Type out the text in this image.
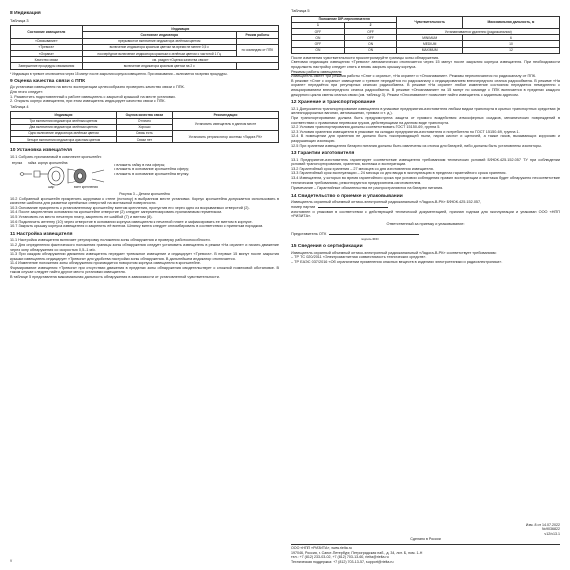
8 Индикация
Таблица 3
Состояние извещателя	Индикация	
	Состояние индикатора	Режим работы
«Связывание»	прерывистое включение индикатора зелёным цветом	
«Тревога»	включение индикатора красным цветом на время не менее 0,5 с	по командам от ППК
«Охрана»	поочерёдное включение индикатора красным и зелёным цветом с частотой 1 Гц	
Качество связи	см. раздел «Оценка качества связи»	
Завершение процедуры связывания	включение индикатора красным цветом на 2 с	

* Индикация в тревоге отключается через 15 минут после закрытия корпуса извещателя. При связывании – включается на время процедуры.

9 Оценка качества связи с ППК

До установки извещателя на место эксплуатации целесообразно проверить качество связи с ППК.

Для этого следует:

1. Разместить подготовленный к работе извещатель с закрытой крышкой на месте установки.

2. Открыть корпус извещателя, при этом извещатель индицирует качество связи с ППК.

Таблица 4
Индикация	Оценка качества связи	Рекомендации
Три включения индикатора зелёным цветом	Отлично	Установить извещатель в данном месте
Два включения индикатора зелёным цветом	Хорошо	
Одно включение индикатора зелёным цветом	Связь есть	Установить ретранслятор системы «Ладога РК»
Четыре включения индикатора красным цветом	Связи нет	
10 Установка извещателя

10.1 Собрать прилагаемый в комплекте кронштейн:

втулка гайка корпус кронштейна
винт крепления
шар

• вложить гайку в паз сферы;

• вложить в основание кронштейна сферу;

• вложить в основание кронштейна втулку.

Рисунок 3 – Детали кронштейна

10.2 Собранный кронштейн прикрепить шурупами к стене (потолку) в выбранном месте установки. Корпус кронштейна допускается использовать в качестве шаблона для разметки крепёжных отверстий на монтажной поверхности.

10.3 Основание прикрепить к установленному кронштейну винтом крепления, пропустив его через одно из вскрываемых отверстий (2).

10.4 После закрепления основания на кронштейне отверстие (2) следует загерметизировать прилагаемым герметиком.

10.5 Установить на место печатную плату, закрепить ее шайбой (7) и винтом (8).

10.6 Подключить антенну (10) через отверстие в основании корпуса извещателя к печатной плате и зафиксировать ее винтом в корпусе.

10.7 Закрыть крышку корпуса извещателя и закрепить её винтом. Шляпку винта следует опломбировать в соответствии с принятым порядком.

11 Настройка извещателя

11.1 Настройка извещателя включает регулировку положения зоны обнаружения и проверку работоспособности.

11.2 Для определения фактического положения границы зоны обнаружения следует установить извещатель в режим «На охране» и начать движение через зону обнаружения со скоростью 0,5–1 м/с.

11.3 При каждом обнаружении движения извещатель передает тревожное извещение и индицирует «Тревога». В первые 15 минут после закрытия крышки извещатель индицирует «Тревога» для удобства настройки зоны обнаружения. В дальнейшем индикатор отключается.

11.4 Изменение положения зоны обнаружения производится поворотом корпуса извещателя в кронштейне.

Формирование извещения «Тревога» при отсутствии движения в пределах зоны обнаружения свидетельствует о сложной помеховой обстановке. В таком случае следует найти другое место установки извещателя.

В таблице 5 представлена максимальная дальность обнаружения в зависимости от установленной чувствительности.

V
Таблица 5
Положение DIP-переключателя		Чувствительность	Максимальная дальность, м
1	2		
OFF	OFF	Устанавливается удаленно (радиоканалом)	
ON	OFF	MINIMUM	6
OFF	ON	MEDIUM	10
ON	ON	MAXIMUM	12

После изменения чувствительности проконтролируйте границы зоны обнаружения.

Световая индикация извещения «Тревога» автоматически отключается через 15 минут после закрытия корпуса извещателя. При необходимости продолжить настройку следует снять и вновь закрыть крышку корпуса.

Режимы работы извещателя

Извещатель имеет три режима работы «Снят с охраны», «На охране» и «Опознавание». Режимы переключаются по радиоканалу от ППК.

В режиме «Снят с охраны» извещение о тревоге передаётся по радиоканалу с индицированием внеочередного сеанса радиообмена. В режиме «На охране» передаётся при регулярных сеансах радиообмена. В режиме «На охране» любое изменение состояния передается немедленно с инициированием внеочередного сеанса радиообмена. В режиме «Опознавание» на 15 минут по команде с ППК включается в пределах каждого дежурного цикла смены сеанса связи (см. таблицу 3). Режим «Опознавание» позволяет найти извещатель с заданным адресом.

12 Хранение и транспортирование

12.1 Допускается транспортирование извещателя в упаковке предприятия-изготовителя любым видом транспорта в крытых транспортных средствах (в железнодорожных вагонах, автомашинах, трюмах и т. д.).

При транспортировании должна быть предусмотрена защита от прямого воздействия атмосферных осадков, механических повреждений в соответствии с правилами перевозки грузов, действующими на данном виде транспорта.

12.2 Условия транспортирования должны соответствовать ГОСТ 15150-69, группа 5.

12.3 Условия хранения извещателя в упаковке на складах предприятия-изготовителя и потребителя по ГОСТ 15150-69, группа 1.

12.4 В помещении для хранения не должно быть токопроводящей пыли, паров кислот и щелочей, а также газов, вызывающих коррозию и разрушающих изоляцию.

12.5 При хранении извещателя батареи питания должны быть извлечены из отсека для батарей, либо должны быть установлены изоляторы.

13 Гарантии изготовителя

13.1 Предприятие-изготовитель гарантирует соответствие извещателя требованиям технических условий БФЮК.425.152.057 ТУ при соблюдении условий транспортирования, хранения, монтажа и эксплуатации.

13.2 Гарантийный срок хранения – 27 месяцев со дня изготовления извещателя.

13.3 Гарантийный срок эксплуатации – 24 месяца со дня ввода в эксплуатацию в пределах гарантийного срока хранения.

13.4 Извещатели, у которых во время гарантийного срока при условии соблюдения правил эксплуатации и монтажа будет обнаружено несоответствие техническим требованиям, ремонтируются предприятием-изготовителем.

Примечание – Гарантийные обязательства не распространяются на батареи питания.

14 Свидетельство о приемке и упаковывании

Извещатель охранный объемный оптико-электронный радиоканальный «Ладога-В-РК» БФЮК.425.152.057,

номер партии

изготовлен и упакован в соответствии с действующей технической документацией, признан годным для эксплуатации и упакован ООО «НПП «РИЗИТА».

Ответственный за приемку и упаковывание:

Представитель ОТК

подпись ФИО

15 Сведения о сертификации

Извещатель охранный объемный оптико-электронный радиоканальный «Ладога-В-РК» соответствует требованиям:
– ТР ТС 020/2011 «Электромагнитная совместимость технических средств».
– ТР ЕАЭС 037/2016 «Об ограничении применения опасных веществ в изделиях электротехники и радиоэлектроники».

Изм. 8 от 14.07.2022
№9036822
v12/v13.1
Сделано в России
ООО «НПП «РИЗИТА», www.rielta.ru
197046, Россия, г. Санкт-Петербург, Петроградская наб., д. 34, лит. Б, пом. 1-Н
тел.: +7 (812) 233-03-02, +7 (812) 703-13-60, rielta@rielta.ru
Техническая поддержка: +7 (812) 703-13-57, support@rielta.ru
